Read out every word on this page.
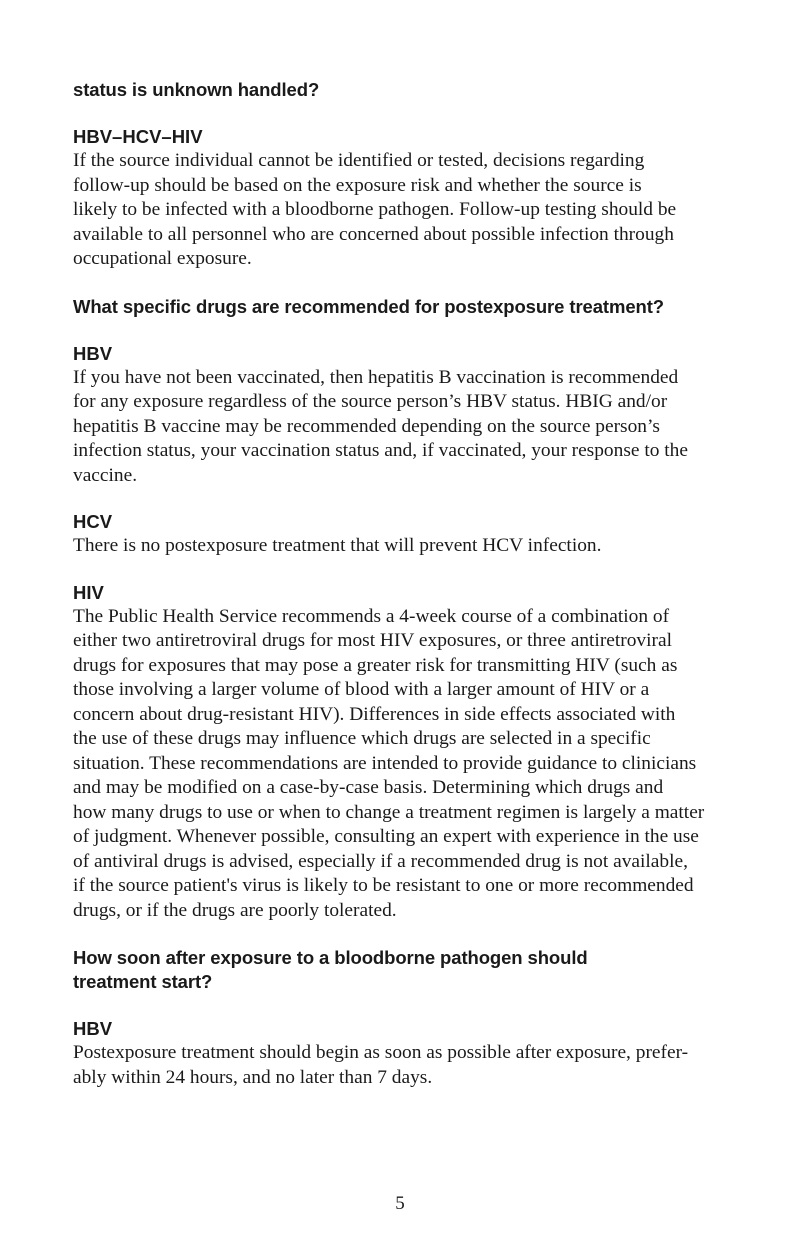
status is unknown handled?
HBV–HCV–HIV
If the source individual cannot be identified or tested, decisions regarding
follow-up should be based on the exposure risk and whether the source is
likely to be infected with a bloodborne pathogen. Follow-up testing should be
available to all personnel who are concerned about possible infection through
occupational exposure.
What specific drugs are recommended for postexposure treatment?
HBV
If you have not been vaccinated, then hepatitis B vaccination is recommended
for any exposure regardless of the source person’s HBV status. HBIG and/or
hepatitis B vaccine may be recommended depending on the source person’s
infection status, your vaccination status and, if vaccinated, your response to the
vaccine.
HCV
There is no postexposure treatment that will prevent HCV infection.
HIV
The Public Health Service recommends a 4-week course of a combination of
either two antiretroviral drugs for most HIV exposures, or three antiretroviral
drugs for exposures that may pose a greater risk for transmitting HIV (such as
those involving a larger volume of blood with a larger amount of HIV or a
concern about drug-resistant HIV). Differences in side effects associated with
the use of these drugs may influence which drugs are selected in a specific
situation. These recommendations are intended to provide guidance to clinicians
and may be modified on a case-by-case basis. Determining which drugs and
how many drugs to use or when to change a treatment regimen is largely a matter
of judgment. Whenever possible, consulting an expert with experience in the use
of antiviral drugs is advised, especially if a recommended drug is not available,
if the source patient's virus is likely to be resistant to one or more recommended
drugs, or if the drugs are poorly tolerated.
How soon after exposure to a bloodborne pathogen should
treatment start?
HBV
Postexposure treatment should begin as soon as possible after exposure, prefer-
ably within 24 hours, and no later than 7 days.
5
